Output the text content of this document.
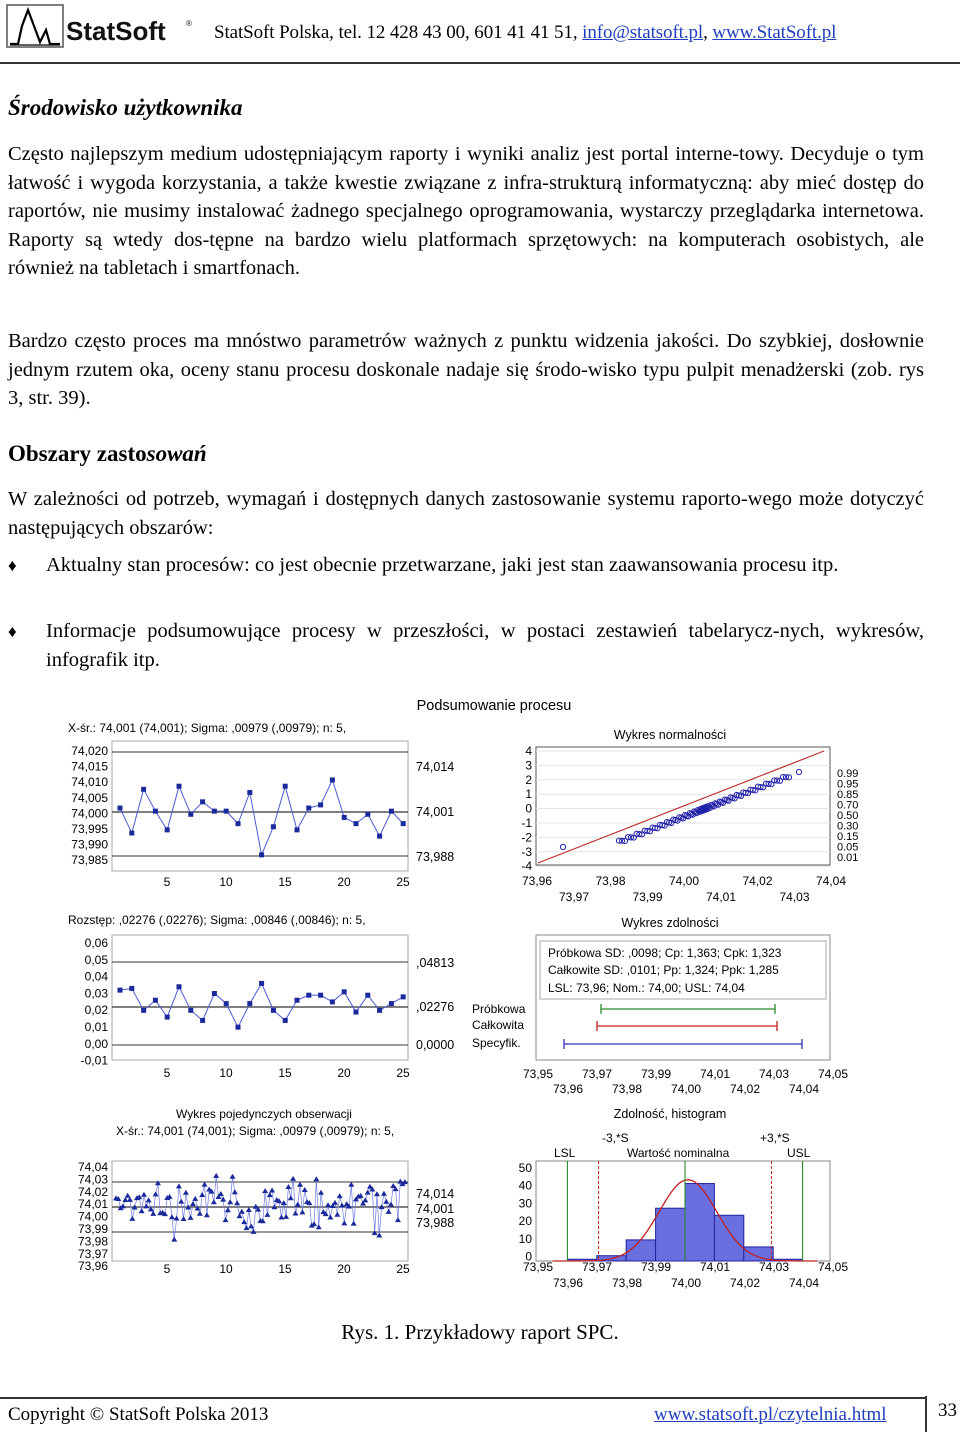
StatSoft	® StatSoft Polska, tel. 12 428 43 00, 601 41 41 51, info@statsoft.pl, www.StatSoft.pl
Środowisko użytkownika
Często najlepszym medium udostępniającym raporty i wyniki analiz jest portal interne-towy. Decyduje o tym łatwość i wygoda korzystania, a także kwestie związane z infra-strukturą informatyczną: aby mieć dostęp do raportów, nie musimy instalować żadnego specjalnego oprogramowania, wystarczy przeglądarka internetowa. Raporty są wtedy dos-tępne na bardzo wielu platformach sprzętowych: na komputerach osobistych, ale również na tabletach i smartfonach.
Bardzo często proces ma mnóstwo parametrów ważnych z punktu widzenia jakości. Do szybkiej, dosłownie jednym rzutem oka, oceny stanu procesu doskonale nadaje się środo-wisko typu pulpit menadżerski (zob. rys 3, str. 39).
Obszary zastosowań
W zależności od potrzeb, wymagań i dostępnych danych zastosowanie systemu raporto-wego może dotyczyć następujących obszarów:
♦ Aktualny stan procesów: co jest obecnie przetwarzane, jaki jest stan zaawansowania procesu itp.
♦ Informacje podsumowujące procesy w przeszłości, w postaci zestawień tabelarycz-nych, wykresów, infografik itp.
Podsumowanie procesu
X-śr.: 74,001 (74,001); Sigma: ,00979 (,00979); n: 5,
74,020
74,015
74,010
74,005
74,000
73,995
73,990
73,985
5	10	15	20	25
74,014
74,001
73,988
Rozstęp: ,02276 (,02276); Sigma: ,00846 (,00846); n: 5,
0,06
0,05
0,04
0,03
0,02
0,01
0,00
-0,01
5	10	15	20	25
,04813
,02276
0,0000
Wykres pojedynczych obserwacji
X-śr.: 74,001 (74,001); Sigma: ,00979 (,00979); n: 5,
74,04
74,03
74,02
74,01
74,00
73,99
73,98
73,97
73,96	5	10	15	20	25
74,014
74,001
73,988
Wykres normalności
4
3
2
1
0
-1
-2
-3
-4
73,96	73,98	74,00	74,02	74,04
73,97	73,99	74,01	74,03
0.99
0.95
0.85
0.70
0.50
0.30
0.15
0.05
0.01
Wykres zdolności
Próbkowa SD: ,0098; Cp: 1,363; Cpk: 1,323
Całkowite SD: ,0101; Pp: 1,324; Ppk: 1,285
LSL: 73,96; Nom.: 74,00; USL: 74,04
Próbkowa
Całkowita
Specyfik.
73,95 73,97 73,99 74,01 74,03 74,05
73,96 73,98 74,00 74,02 74,04
Zdolność, histogram
-3,*S	+3,*S
LSL	Wartość nominalna	USL
50
40
30
20
10
0
73,95 73,97 73,99 74,01 74,03 74,05
73,96 73,98 74,00 74,02 74,04
Rys. 1. Przykładowy raport SPC.
Copyright © StatSoft Polska 2013	www.statsoft.pl/czytelnia.html	33
